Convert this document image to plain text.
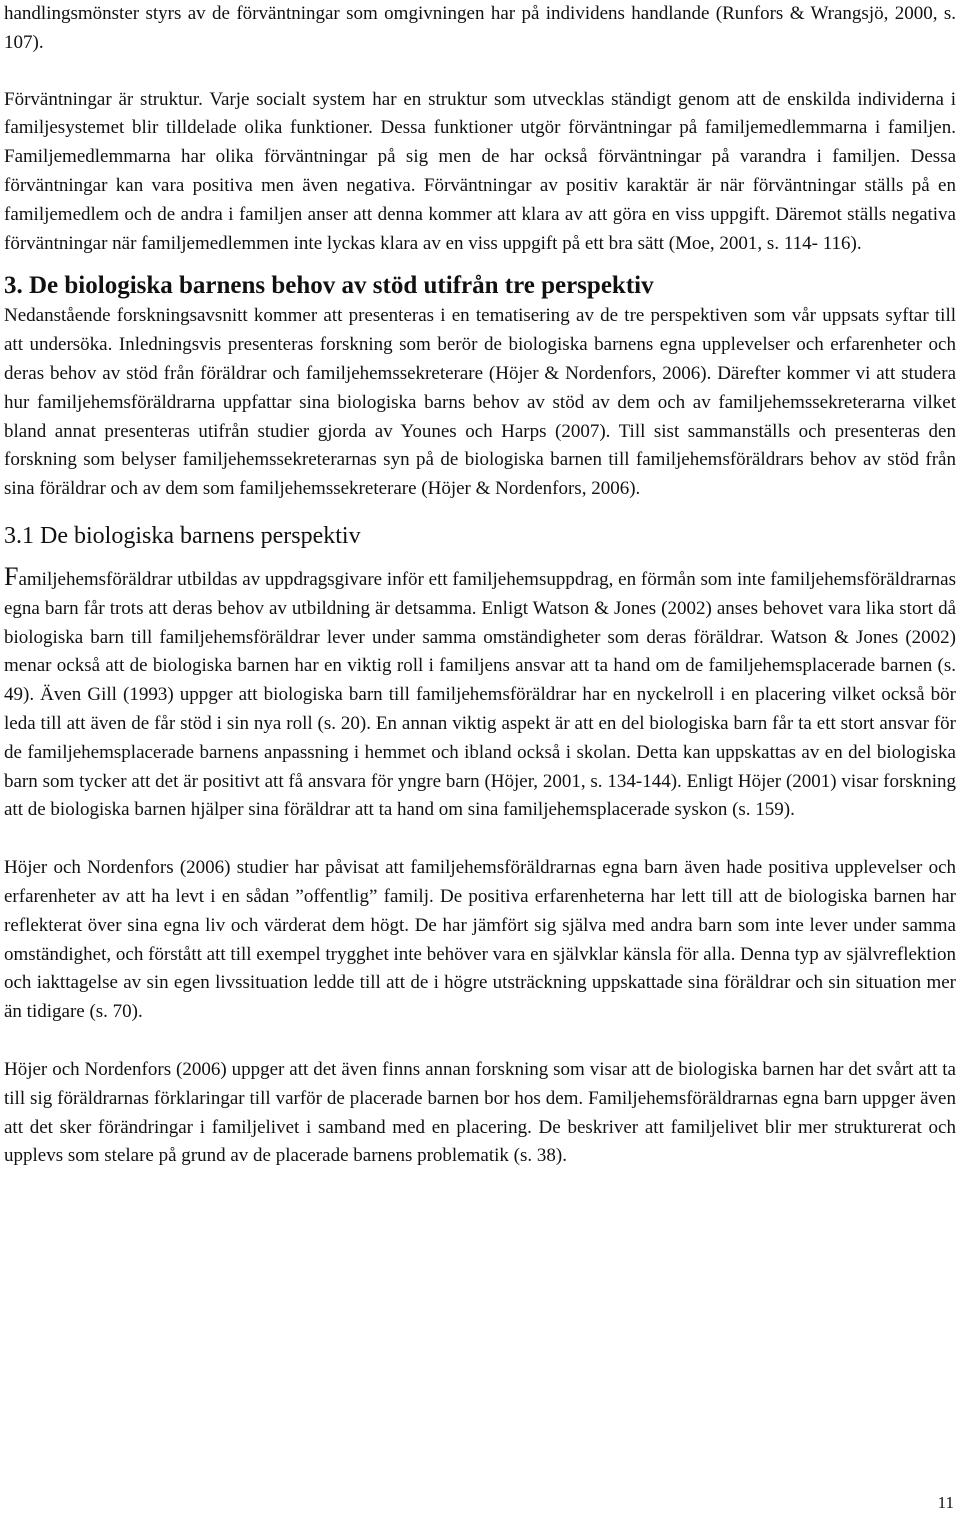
handlingsmönster styrs av de förväntningar som omgivningen har på individens handlande (Runfors & Wrangsjö, 2000, s. 107).

Förväntningar är struktur. Varje socialt system har en struktur som utvecklas ständigt genom att de enskilda individerna i familjesystemet blir tilldelade olika funktioner. Dessa funktioner utgör förväntningar på familjemedlemmarna i familjen. Familjemedlemmarna har olika förväntningar på sig men de har också förväntningar på varandra i familjen. Dessa förväntningar kan vara positiva men även negativa. Förväntningar av positiv karaktär är när förväntningar ställs på en familjemedlem och de andra i familjen anser att denna kommer att klara av att göra en viss uppgift. Däremot ställs negativa förväntningar när familjemedlemmen inte lyckas klara av en viss uppgift på ett bra sätt (Moe, 2001, s. 114- 116).

3. De biologiska barnens behov av stöd utifrån tre perspektiv

Nedanstående forskningsavsnitt kommer att presenteras i en tematisering av de tre perspektiven som vår uppsats syftar till att undersöka. Inledningsvis presenteras forskning som berör de biologiska barnens egna upplevelser och erfarenheter och deras behov av stöd från föräldrar och familjehemssekreterare (Höjer & Nordenfors, 2006). Därefter kommer vi att studera hur familjehemsföräldrarna uppfattar sina biologiska barns behov av stöd av dem och av familjehemssekreterarna vilket bland annat presenteras utifrån studier gjorda av Younes och Harps (2007). Till sist sammanställs och presenteras den forskning som belyser familjehemssekreterarnas syn på de biologiska barnen till familjehemsföräldrars behov av stöd från sina föräldrar och av dem som familjehemssekreterare (Höjer & Nordenfors, 2006).

3.1 De biologiska barnens perspektiv

Familjehemsföräldrar utbildas av uppdragsgivare inför ett familjehemsuppdrag, en förmån som inte familjehemsföräldrarnas egna barn får trots att deras behov av utbildning är detsamma. Enligt Watson & Jones (2002) anses behovet vara lika stort då biologiska barn till familjehemsföräldrar lever under samma omständigheter som deras föräldrar. Watson & Jones (2002) menar också att de biologiska barnen har en viktig roll i familjens ansvar att ta hand om de familjehemsplacerade barnen (s. 49). Även Gill (1993) uppger att biologiska barn till familjehemsföräldrar har en nyckelroll i en placering vilket också bör leda till att även de får stöd i sin nya roll (s. 20). En annan viktig aspekt är att en del biologiska barn får ta ett stort ansvar för de familjehemsplacerade barnens anpassning i hemmet och ibland också i skolan. Detta kan uppskattas av en del biologiska barn som tycker att det är positivt att få ansvara för yngre barn (Höjer, 2001, s. 134-144). Enligt Höjer (2001) visar forskning att de biologiska barnen hjälper sina föräldrar att ta hand om sina familjehemsplacerade syskon (s. 159).

Höjer och Nordenfors (2006) studier har påvisat att familjehemsföräldrarnas egna barn även hade positiva upplevelser och erfarenheter av att ha levt i en sådan ”offentlig” familj. De positiva erfarenheterna har lett till att de biologiska barnen har reflekterat över sina egna liv och värderat dem högt. De har jämfört sig själva med andra barn som inte lever under samma omständighet, och förstått att till exempel trygghet inte behöver vara en självklar känsla för alla. Denna typ av självreflektion och iakttagelse av sin egen livssituation ledde till att de i högre utsträckning uppskattade sina föräldrar och sin situation mer än tidigare (s. 70).

Höjer och Nordenfors (2006) uppger att det även finns annan forskning som visar att de biologiska barnen har det svårt att ta till sig föräldrarnas förklaringar till varför de placerade barnen bor hos dem. Familjehemsföräldrarnas egna barn uppger även att det sker förändringar i familjelivet i samband med en placering. De beskriver att familjelivet blir mer strukturerat och upplevs som stelare på grund av de placerade barnens problematik (s. 38).

11
